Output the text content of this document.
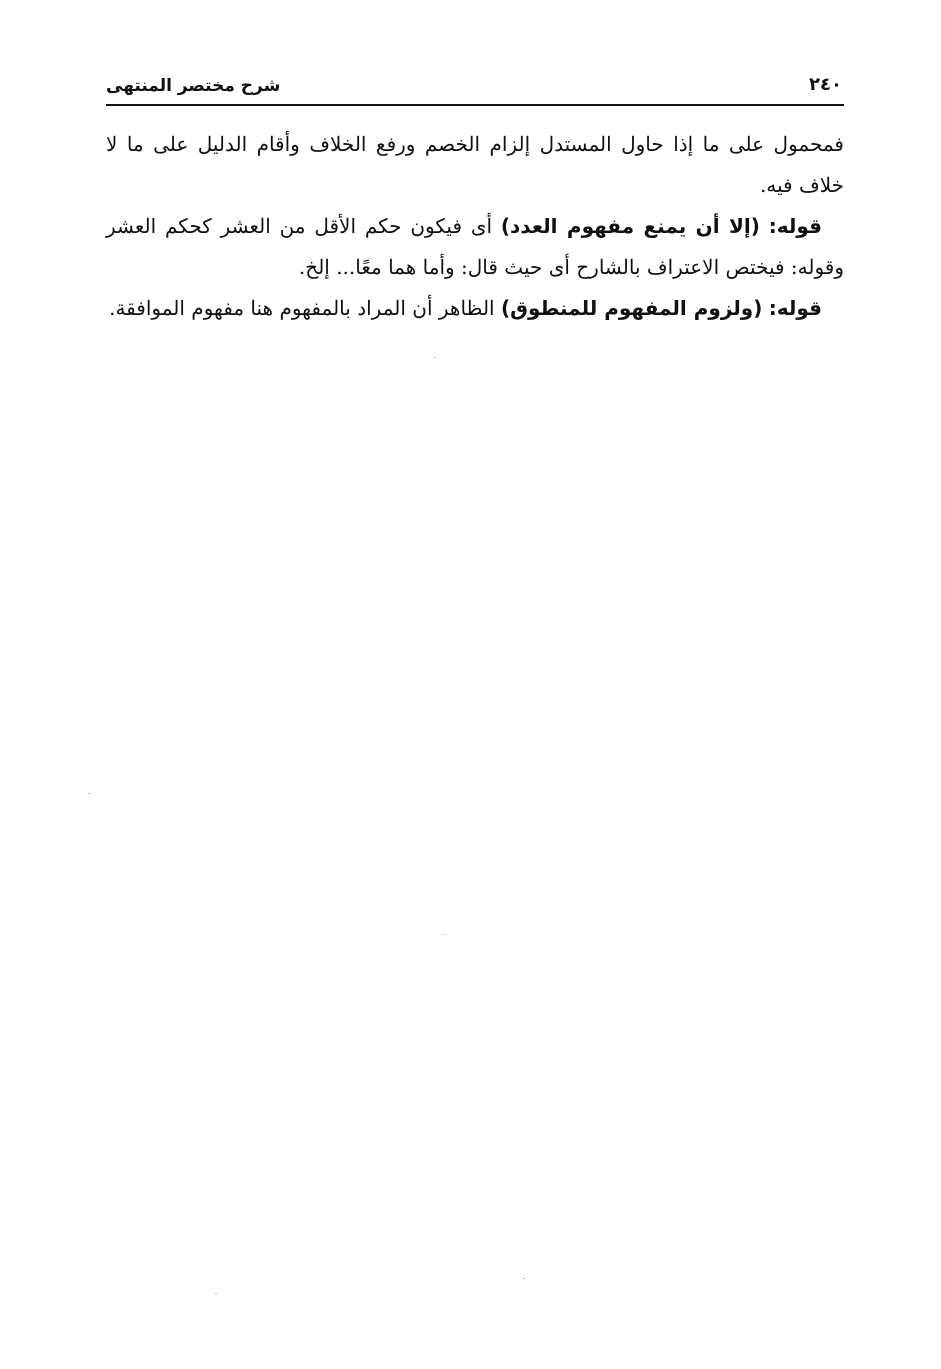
شرح مختصر المنتهى	٢٤٠

فمحمول على ما إذا حاول المستدل إلزام الخصم ورفع الخلاف وأقام الدليل على ما لا خلاف فيه.

قوله: (إلا أن يمنع مفهوم العدد) أى فيكون حكم الأقل من العشر كحكم العشر وقوله: فيختص الاعتراف بالشارح أى حيث قال: وأما هما معًا... إلخ.

قوله: (ولزوم المفهوم للمنطوق) الظاهر أن المراد بالمفهوم هنا مفهوم الموافقة.
